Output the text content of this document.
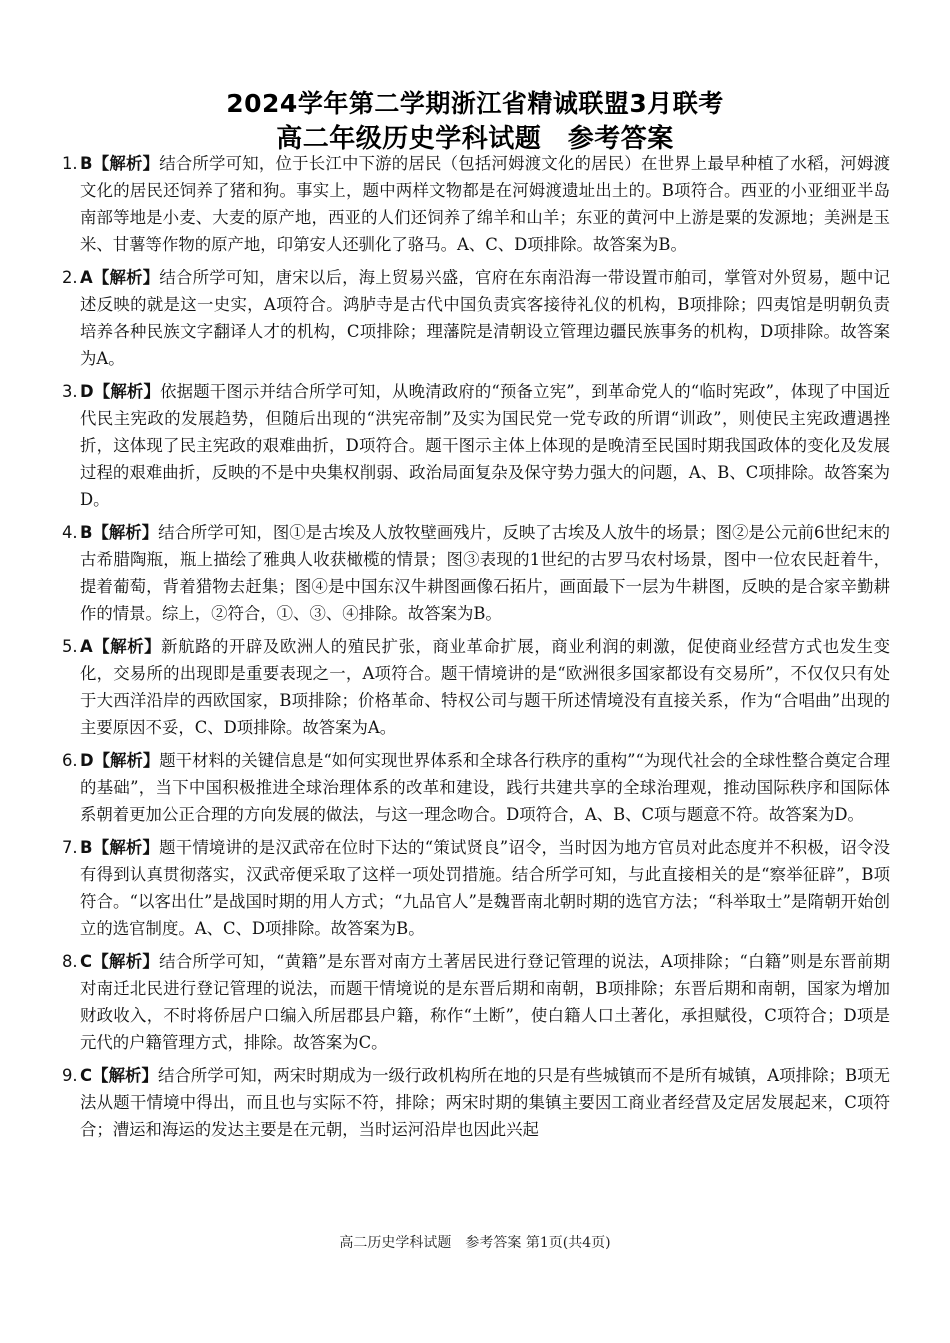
2024学年第二学期浙江省精诚联盟3月联考
高二年级历史学科试题　参考答案
1. B【解析】结合所学可知，位于长江中下游的居民（包括河姆渡文化的居民）在世界上最早种植了水稻，河姆渡文化的居民还饲养了猪和狗。事实上，题中两样文物都是在河姆渡遗址出土的。B项符合。西亚的小亚细亚半岛南部等地是小麦、大麦的原产地，西亚的人们还饲养了绵羊和山羊；东亚的黄河中上游是粟的发源地；美洲是玉米、甘薯等作物的原产地，印第安人还驯化了骆马。A、C、D项排除。故答案为B。
2. A【解析】结合所学可知，唐宋以后，海上贸易兴盛，官府在东南沿海一带设置市舶司，掌管对外贸易，题中记述反映的就是这一史实，A项符合。鸿胪寺是古代中国负责宾客接待礼仪的机构，B项排除；四夷馆是明朝负责培养各种民族文字翻译人才的机构，C项排除；理藩院是清朝设立管理边疆民族事务的机构，D项排除。故答案为A。
3. D【解析】依据题干图示并结合所学可知，从晚清政府的“预备立宪”，到革命党人的“临时宪政”，体现了中国近代民主宪政的发展趋势，但随后出现的“洪宪帝制”及实为国民党一党专政的所谓“训政”，则使民主宪政遭遇挫折，这体现了民主宪政的艰难曲折，D项符合。题干图示主体上体现的是晚清至民国时期我国政体的变化及发展过程的艰难曲折，反映的不是中央集权削弱、政治局面复杂及保守势力强大的问题，A、B、C项排除。故答案为D。
4. B【解析】结合所学可知，图①是古埃及人放牧壁画残片，反映了古埃及人放牛的场景；图②是公元前6世纪末的古希腊陶瓶，瓶上描绘了雅典人收获橄榄的情景；图③表现的1世纪的古罗马农村场景，图中一位农民赶着牛，提着葡萄，背着猎物去赶集；图④是中国东汉牛耕图画像石拓片，画面最下一层为牛耕图，反映的是合家辛勤耕作的情景。综上，②符合，①、③、④排除。故答案为B。
5. A【解析】新航路的开辟及欧洲人的殖民扩张，商业革命扩展，商业利润的刺激，促使商业经营方式也发生变化，交易所的出现即是重要表现之一，A项符合。题干情境讲的是“欧洲很多国家都设有交易所”，不仅仅只有处于大西洋沿岸的西欧国家，B项排除；价格革命、特权公司与题干所述情境没有直接关系，作为“合唱曲”出现的主要原因不妥，C、D项排除。故答案为A。
6. D【解析】题干材料的关键信息是“如何实现世界体系和全球各行秩序的重构”“为现代社会的全球性整合奠定合理的基础”，当下中国积极推进全球治理体系的改革和建设，践行共建共享的全球治理观，推动国际秩序和国际体系朝着更加公正合理的方向发展的做法，与这一理念吻合。D项符合，A、B、C项与题意不符。故答案为D。
7. B【解析】题干情境讲的是汉武帝在位时下达的“策试贤良”诏令，当时因为地方官员对此态度并不积极，诏令没有得到认真贯彻落实，汉武帝便采取了这样一项处罚措施。结合所学可知，与此直接相关的是“察举征辟”，B项符合。“以客出仕”是战国时期的用人方式；“九品官人”是魏晋南北朝时期的选官方法；“科举取士”是隋朝开始创立的选官制度。A、C、D项排除。故答案为B。
8. C【解析】结合所学可知，“黄籍”是东晋对南方土著居民进行登记管理的说法，A项排除；“白籍”则是东晋前期对南迁北民进行登记管理的说法，而题干情境说的是东晋后期和南朝，B项排除；东晋后期和南朝，国家为增加财政收入，不时将侨居户口编入所居郡县户籍，称作“土断”，使白籍人口土著化，承担赋役，C项符合；D项是元代的户籍管理方式，排除。故答案为C。
9. C【解析】结合所学可知，两宋时期成为一级行政机构所在地的只是有些城镇而不是所有城镇，A项排除；B项无法从题干情境中得出，而且也与实际不符，排除；两宋时期的集镇主要因工商业者经营及定居发展起来，C项符合；漕运和海运的发达主要是在元朝，当时运河沿岸也因此兴起
高二历史学科试题　参考答案 第1页(共4页)
